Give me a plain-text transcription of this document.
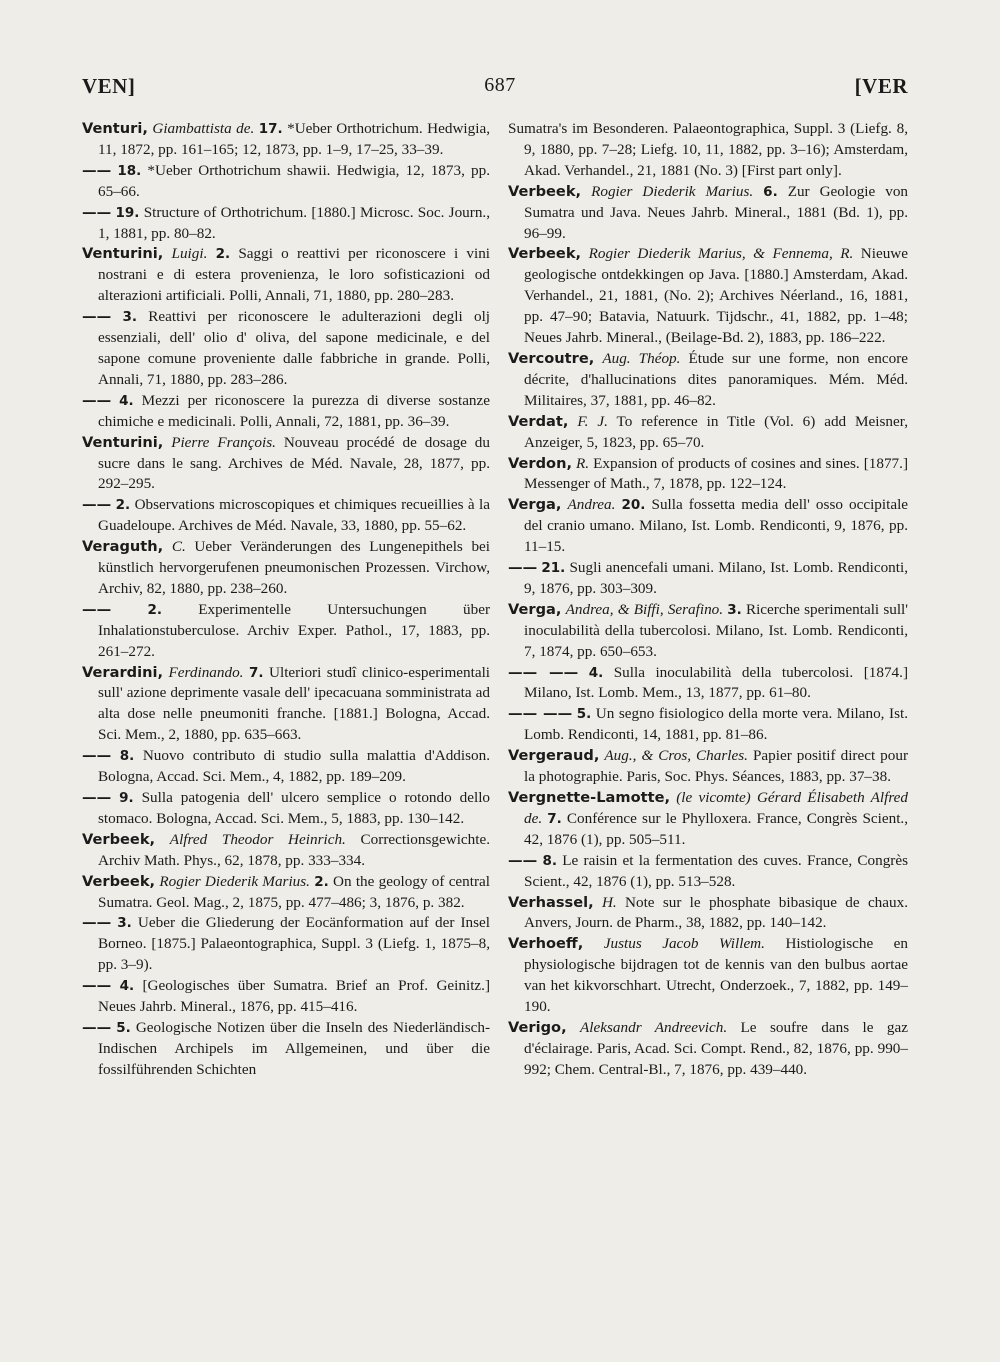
VEN]	687	[VER
Venturi, Giambattista de. 17. *Ueber Orthotrichum. Hedwigia, 11, 1872, pp. 161–165; 12, 1873, pp. 1–9, 17–25, 33–39.
—— 18. *Ueber Orthotrichum shawii. Hedwigia, 12, 1873, pp. 65–66.
—— 19. Structure of Orthotrichum. [1880.] Microsc. Soc. Journ., 1, 1881, pp. 80–82.
Venturini, Luigi. 2. Saggi o reattivi per riconoscere i vini nostrani e di estera provenienza, le loro sofisticazioni od alterazioni artificiali. Polli, Annali, 71, 1880, pp. 280–283.
—— 3. Reattivi per riconoscere le adulterazioni degli olj essenziali, dell' olio d' oliva, del sapone medicinale, e del sapone comune proveniente dalle fabbriche in grande. Polli, Annali, 71, 1880, pp. 283–286.
—— 4. Mezzi per riconoscere la purezza di diverse sostanze chimiche e medicinali. Polli, Annali, 72, 1881, pp. 36–39.
Venturini, Pierre François. Nouveau procédé de dosage du sucre dans le sang. Archives de Méd. Navale, 28, 1877, pp. 292–295.
—— 2. Observations microscopiques et chimiques recueillies à la Guadeloupe. Archives de Méd. Navale, 33, 1880, pp. 55–62.
Veraguth, C. Ueber Veränderungen des Lungenepithels bei künstlich hervorgerufenen pneumonischen Prozessen. Virchow, Archiv, 82, 1880, pp. 238–260.
——	2. Experimentelle Untersuchungen über Inhalationstuberculose. Archiv Exper. Pathol., 17, 1883, pp. 261–272.
Verardini, Ferdinando. 7. Ulteriori studî clinico-esperimentali sull' azione deprimente vasale dell' ipecacuana somministrata ad alta dose nelle pneumoniti franche. [1881.] Bologna, Accad. Sci. Mem., 2, 1880, pp. 635–663.
—— 8. Nuovo contributo di studio sulla malattia d'Addison. Bologna, Accad. Sci. Mem., 4, 1882, pp. 189–209.
—— 9. Sulla patogenia dell' ulcero semplice o rotondo dello stomaco. Bologna, Accad. Sci. Mem., 5, 1883, pp. 130–142.
Verbeek, Alfred Theodor Heinrich. Correctionsgewichte. Archiv Math. Phys., 62, 1878, pp. 333–334.
Verbeek, Rogier Diederik Marius. 2. On the geology of central Sumatra. Geol. Mag., 2, 1875, pp. 477–486; 3, 1876, p. 382.
—— 3. Ueber die Gliederung der Eocänformation auf der Insel Borneo. [1875.] Palaeontographica, Suppl. 3 (Liefg. 1, 1875–8, pp. 3–9).
—— 4. [Geologisches über Sumatra. Brief an Prof. Geinitz.] Neues Jahrb. Mineral., 1876, pp. 415–416.
—— 5. Geologische Notizen über die Inseln des Niederländisch-Indischen Archipels im Allgemeinen, und über die fossilführenden Schichten
Sumatra's im Besonderen. Palaeontographica, Suppl. 3 (Liefg. 8, 9, 1880, pp. 7–28; Liefg. 10, 11, 1882, pp. 3–16); Amsterdam, Akad. Verhandel., 21, 1881 (No. 3) [First part only].
Verbeek, Rogier Diederik Marius. 6. Zur Geologie von Sumatra und Java. Neues Jahrb. Mineral., 1881 (Bd. 1), pp. 96–99.
Verbeek, Rogier Diederik Marius, & Fennema, R. Nieuwe geologische ontdekkingen op Java. [1880.] Amsterdam, Akad. Verhandel., 21, 1881, (No. 2); Archives Néerland., 16, 1881, pp. 47–90; Batavia, Natuurk. Tijdschr., 41, 1882, pp. 1–48; Neues Jahrb. Mineral., (Beilage-Bd. 2), 1883, pp. 186–222.
Vercoutre, Aug. Théop. Étude sur une forme, non encore décrite, d'hallucinations dites panoramiques. Mém. Méd. Militaires, 37, 1881, pp. 46–82.
Verdat, F. J. To reference in Title (Vol. 6) add Meisner, Anzeiger, 5, 1823, pp. 65–70.
Verdon, R. Expansion of products of cosines and sines. [1877.] Messenger of Math., 7, 1878, pp. 122–124.
Verga, Andrea. 20. Sulla fossetta media dell' osso occipitale del cranio umano. Milano, Ist. Lomb. Rendiconti, 9, 1876, pp. 11–15.
—— 21. Sugli anencefali umani. Milano, Ist. Lomb. Rendiconti, 9, 1876, pp. 303–309.
Verga, Andrea, & Biffi, Serafino. 3. Ricerche sperimentali sull' inoculabilità della tubercolosi. Milano, Ist. Lomb. Rendiconti, 7, 1874, pp. 650–653.
—— —— 4. Sulla inoculabilità della tubercolosi. [1874.] Milano, Ist. Lomb. Mem., 13, 1877, pp. 61–80.
—— —— 5. Un segno fisiologico della morte vera. Milano, Ist. Lomb. Rendiconti, 14, 1881, pp. 81–86.
Vergeraud, Aug., & Cros, Charles. Papier positif direct pour la photographie. Paris, Soc. Phys. Séances, 1883, pp. 37–38.
Vergnette-Lamotte, (le vicomte) Gérard Élisabeth Alfred de. 7. Conférence sur le Phylloxera. France, Congrès Scient., 42, 1876 (1), pp. 505–511.
—— 8. Le raisin et la fermentation des cuves. France, Congrès Scient., 42, 1876 (1), pp. 513–528.
Verhassel, H. Note sur le phosphate bibasique de chaux. Anvers, Journ. de Pharm., 38, 1882, pp. 140–142.
Verhoeff, Justus Jacob Willem. Histiologische en physiologische bijdragen tot de kennis van den bulbus aortae van het kikvorschhart. Utrecht, Onderzoek., 7, 1882, pp. 149–190.
Verigo, Aleksandr Andreevich. Le soufre dans le gaz d'éclairage. Paris, Acad. Sci. Compt. Rend., 82, 1876, pp. 990–992; Chem. Central-Bl., 7, 1876, pp. 439–440.
